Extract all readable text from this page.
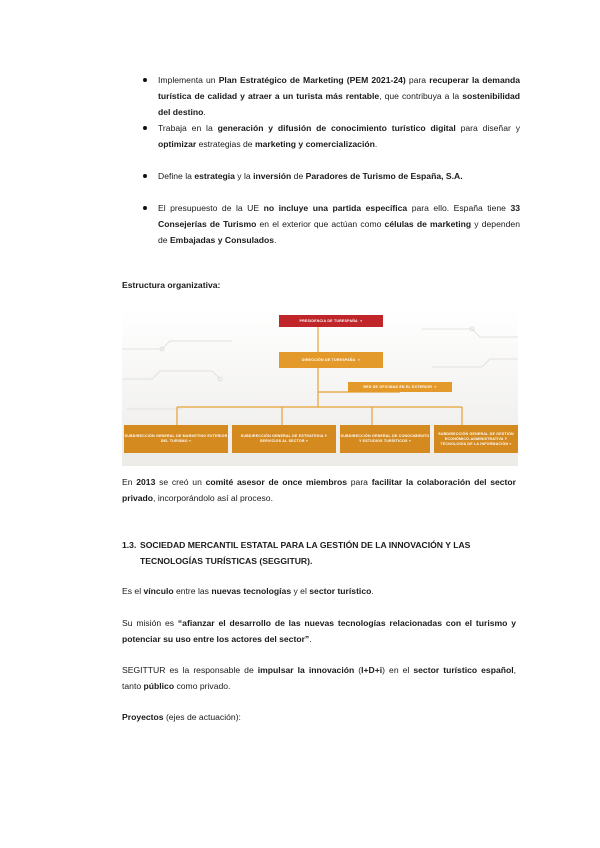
Implementa un Plan Estratégico de Marketing (PEM 2021-24) para recuperar la demanda turística de calidad y atraer a un turista más rentable, que contribuya a la sostenibilidad del destino.
Trabaja en la generación y difusión de conocimiento turístico digital para diseñar y optimizar estrategias de marketing y comercialización.
Define la estrategia y la inversión de Paradores de Turismo de España, S.A.
El presupuesto de la UE no incluye una partida específica para ello. España tiene 33 Consejerías de Turismo en el exterior que actúan como células de marketing y dependen de Embajadas y Consulados.

Estructura organizativa:

PRESIDENCIA DE TURESPAÑA
»
DIRECCIÓN DE TURESPAÑA
»
RED DE OFICINAS EN EL EXTERIOR
»
SUBDIRECCIÓN GENERAL DE MARKETING EXTERIOR DEL TURISMO »
SUBDIRECCIÓN GENERAL DE ESTRATEGIA Y SERVICIOS AL SECTOR »
SUBDIRECCIÓN GENERAL DE CONOCIMIENTO Y ESTUDIOS TURÍSTICOS »
SUBDIRECCIÓN GENERAL DE GESTIÓN ECONÓMICO-ADMINISTRATIVA Y TECNOLOGÍA DE LA INFORMACIÓN »

En 2013 se creó un comité asesor de once miembros para facilitar la colaboración del sector privado, incorporándolo así al proceso.

1.3. SOCIEDAD MERCANTIL ESTATAL PARA LA GESTIÓN DE LA INNOVACIÓN Y LAS
TECNOLOGÍAS TURÍSTICAS (SEGGITUR).

Es el vínculo entre las nuevas tecnologías y el sector turístico.

Su misión es “afianzar el desarrollo de las nuevas tecnologías relacionadas con el turismo y potenciar su uso entre los actores del sector”.

SEGITTUR es la responsable de impulsar la innovación (I+D+i) en el sector turístico español, tanto público como privado.

Proyectos (ejes de actuación):
